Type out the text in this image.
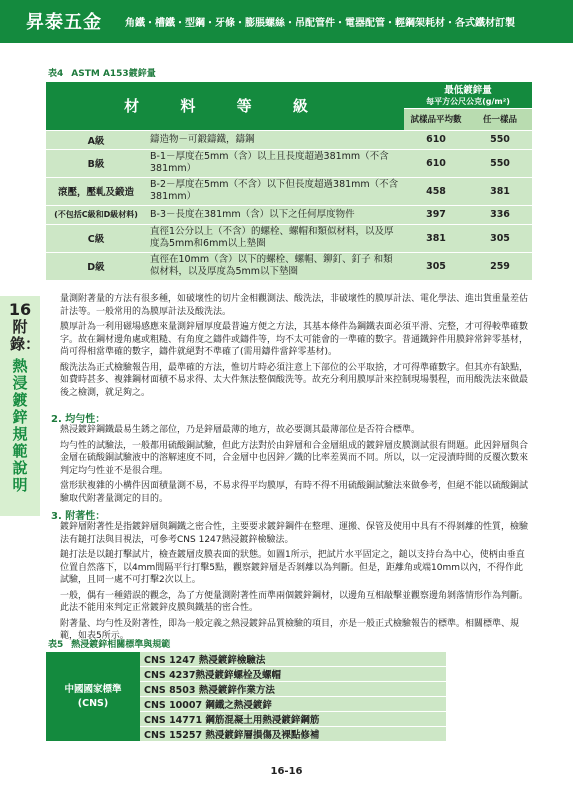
昇泰五金 角鐵・槽鐵・型鋼・牙條・膨脹螺絲・吊配管件・電器配管・輕鋼架耗材・各式鐵材訂製
表4 ASTM A153鍍鋅量
材 料 等 級		最低鍍鋅量
每平方公尺公克(g/m²)	

		試樣品平均數	任一樣品
A級	鑄造物－可鍛鑄鐵，鑄鋼	610	550
B級	B-1－厚度在5mm（含）以上且長度超過381mm（不含381mm）	610	550
滾壓，壓軋及鍛造	B-2－厚度在5mm（不含）以下但長度超過381mm（不含381mm）	458	381
(不包括C級和D級材料)	B-3－長度在381mm（含）以下之任何厚度物件	397	336
C級	直徑1公分以上（不含）的螺栓、螺帽和類似材料，以及厚度為5mm和6mm以上墊圈	381	305
D級	直徑在10mm（含）以下的螺栓、螺帽、鉚釘、釘子 和類似材料，以及厚度為5mm以下墊圈	305	259
16
附錄：
熱浸鍍鋅規範說明

量測附著量的方法有很多種，如破壞性的切片金相觀測法、酸洗法，非破壞性的膜厚計法、電化學法、進出貨重量差估計法等。一般常用的為膜厚計法及酸洗法。

膜厚計為一利用磁場感應來量測鋅層厚度最普遍方便之方法，其基本條件為鋼鐵表面必須平滑、完整，才可得較準確數字。故在鋼材邊角處或粗糙、有角度之鑄件或鑄件等，均不太可能會的一準確的數字。普通鐵鋅件用膜鋅常鋅零基材，尚可得相當準確的數字，鑄件就絕對不準確了(需用鑄件當鋅零基材)。

酸洗法為正式檢驗報告用，最準確的方法，惟切片時必須注意上下部位的公平取捨，才可得準確數字。但其亦有缺點，如費時甚多、複雜鋼材面積不易求得、太大件無法整個酸洗等。故充分利用膜厚計來控制現場製程，而用酸洗法來做最後之檢測，就足夠之。

2. 均勻性：

熱浸鍍鋅鋼鐵最易生銹之部位，乃是鋅層最薄的地方，故必要測其最薄部位是否符合標準。

均勻性的試驗法，一般都用硫酸銅試驗，但此方法對於由鋅層和合金層組成的鍍鋅層皮膜測試很有問題。此因鋅層與合金層在硫酸銅試驗液中的溶解速度不同，合金層中也因鋅／鐵的比率差異而不同。所以，以一定浸漬時間的反覆次數來判定均勻性並不是很合理。

當形狀複雜的小構件因面積量測不易，不易求得平均膜厚，有時不得不用硫酸銅試驗法來做參考，但絕不能以硫酸銅試驗取代附著量測定的目的。

3. 附著性：

鍍鋅層附著性是指鍍鋅層與鋼鐵之密合性，主要要求鍍鋅鋼件在整理、運搬、保管及使用中具有不得剝離的性質，檢驗法有鎚打法與目視法，可參考CNS 1247熱浸鍍鋅檢驗法。

鎚打法是以鎚打擊試片，檢查鍍層皮膜表面的狀態。如圖1所示，把試片水平固定之，鎚以支持台為中心，使柄由垂直位置自然落下，以4mm間隔平行打擊5點，觀察鍍鋅層是否剝離以為判斷。但是，距離角或端10mm以內，不得作此試驗，且同一處不可打擊2次以上。

一般，偶有一種錯誤的觀念，為了方便量測附著性而準兩個鍍鋅鋼材，以邊角互相敲擊並觀察邊角剝落情形作為判斷。此法不能用來判定正常鍍鋅皮膜與鐵基的密合性。

附著量、均勻性及附著性，即為一般定義之熱浸鍍鋅品質檢驗的項目，亦是一般正式檢驗報告的標準。相關標準、規範，如表5所示。

表5 熱浸鍍鋅相關標準與規範
中國國家標準(CNS)	CNS 1247 熱浸鍍鋅檢驗法
CNS 4237熱浸鍍鋅螺栓及螺帽
CNS 8503 熱浸鍍鋅作業方法
CNS 10007 鋼鐵之熱浸鍍鋅
CNS 14771 鋼筋混凝土用熱浸鍍鋅鋼筋
CNS 15257 熱浸鍍鋅層損傷及裸點修補
16-16
